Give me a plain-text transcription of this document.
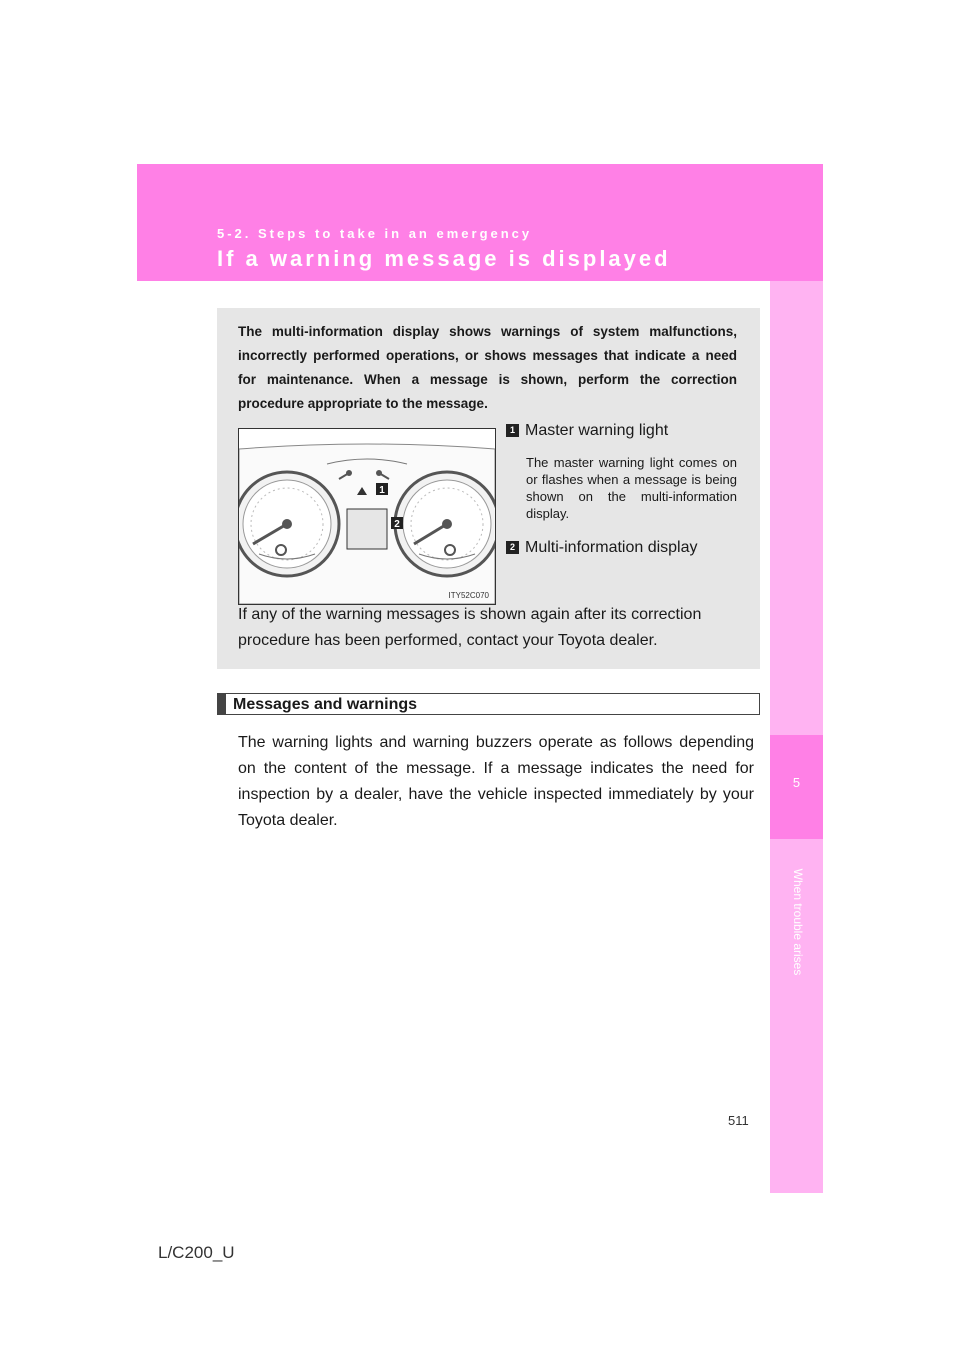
5-2. Steps to take in an emergency
If a warning message is displayed
5
When trouble arises
The multi-information display shows warnings of system malfunctions, incorrectly performed operations, or shows messages that indicate a need for maintenance. When a message is shown, perform the correction procedure appropriate to the message.
1
2
ITY52C070
1 Master warning light
The master warning light comes on or flashes when a message is being shown on the multi-information display.
2 Multi-information display
If any of the warning messages is shown again after its correction procedure has been performed, contact your Toyota dealer.
Messages and warnings
The warning lights and warning buzzers operate as follows depending on the content of the message. If a message indicates the need for inspection by a dealer, have the vehicle inspected immediately by your Toyota dealer.
511
L/C200_U
